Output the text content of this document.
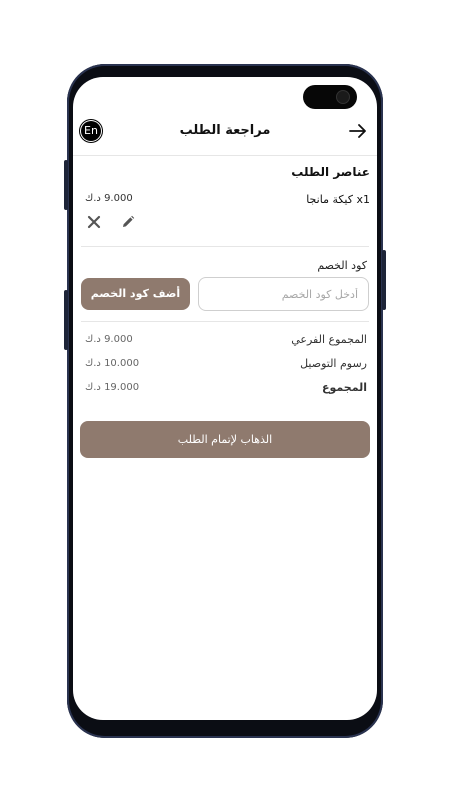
En	مراجعة الطلب
عناصر الطلب
x1 كيكة مانجا
9.000 د.ك
كود الخصم
أدخل كود الخصم
أضف كود الخصم
المجموع الفرعي
9.000 د.ك
رسوم التوصيل
10.000 د.ك
المجموع
19.000 د.ك
الذهاب لإتمام الطلب
